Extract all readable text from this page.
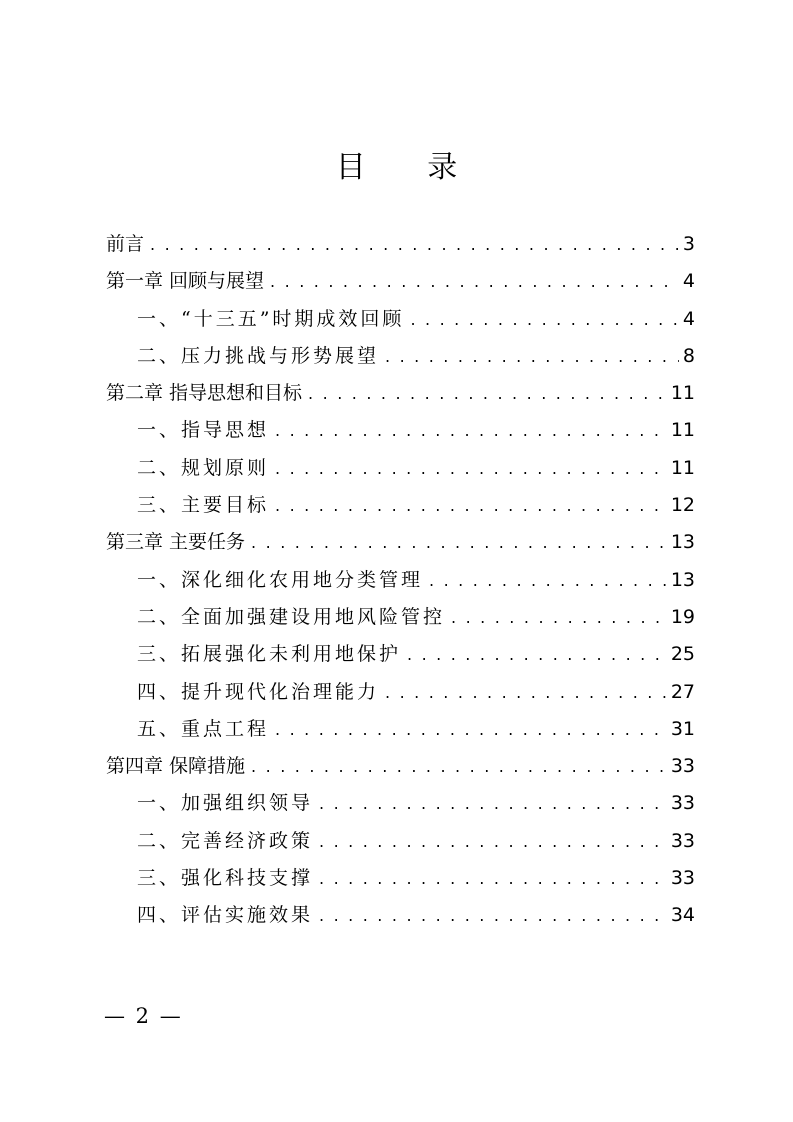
目 录
前言 . . .	3
第一章 回顾与展望 . . .	4
一、“十三五”时期成效回顾 . . .	4
二、压力挑战与形势展望 . . .	8
第二章 指导思想和目标 . . .	11
一、指导思想 . . .	11
二、规划原则 . . .	11
三、主要目标 . . .	12
第三章 主要任务 . . .	13
一、深化细化农用地分类管理 . . .	13
二、全面加强建设用地风险管控 . . .	19
三、拓展强化未利用地保护 . . .	25
四、提升现代化治理能力 . . .	27
五、重点工程 . . .	31
第四章 保障措施 . . .	33
一、加强组织领导 . . .	33
二、完善经济政策 . . .	33
三、强化科技支撑 . . .	33
四、评估实施效果 . . .	34
— 2 —
